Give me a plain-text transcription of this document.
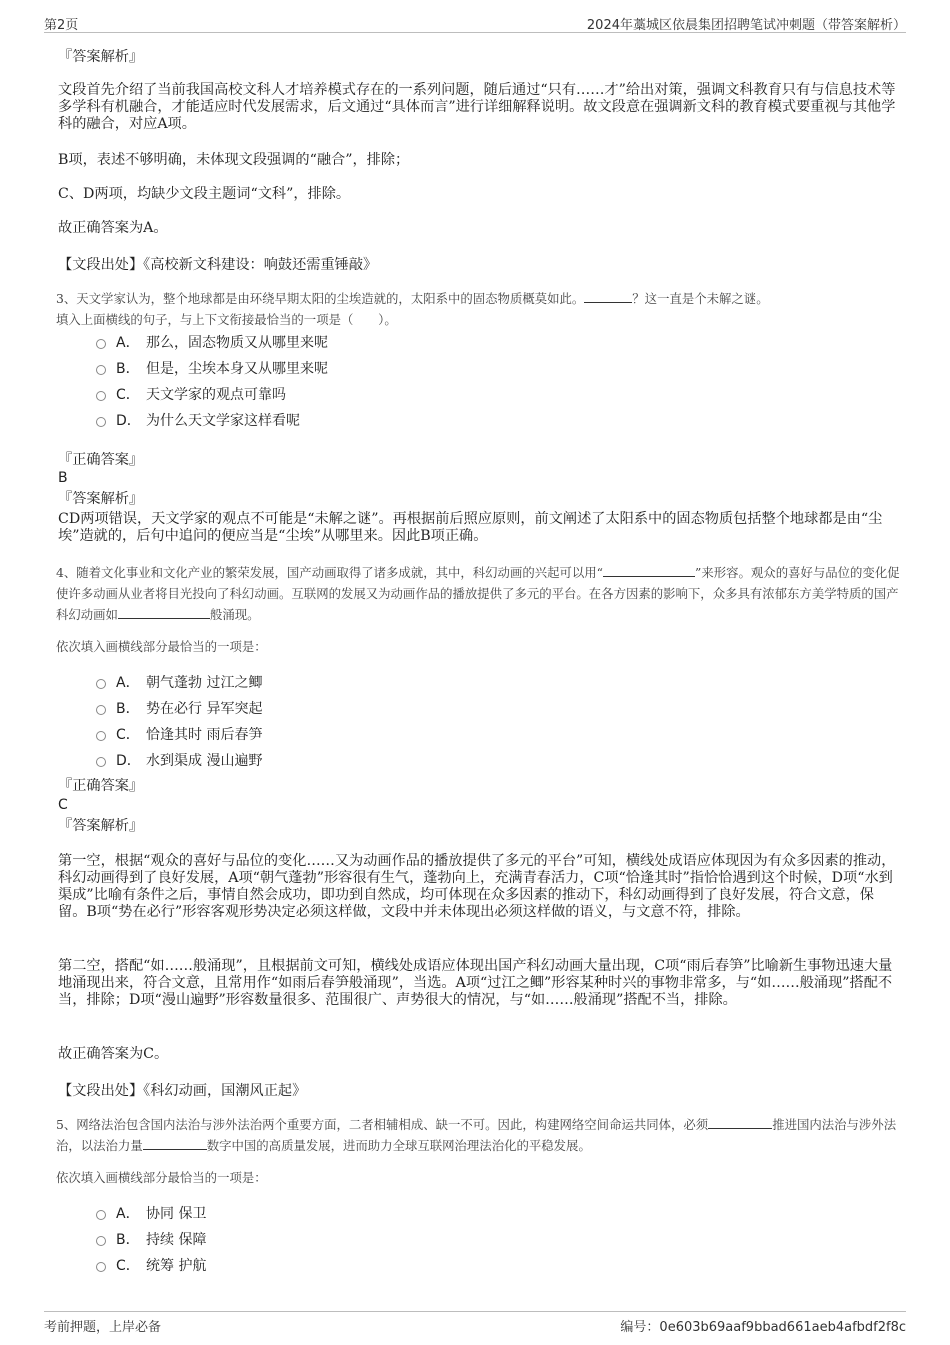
第2页	2024年藁城区依晨集团招聘笔试冲刺题（带答案解析）
『答案解析』
文段首先介绍了当前我国高校文科人才培养模式存在的一系列问题，随后通过“只有……才”给出对策，强调文科教育只有与信息技术等多学科有机融合，才能适应时代发展需求，后文通过“具体而言”进行详细解释说明。故文段意在强调新文科的教育模式要重视与其他学科的融合，对应A项。
B项，表述不够明确，未体现文段强调的“融合”，排除；
C、D两项，均缺少文段主题词“文科”，排除。
故正确答案为A。
【文段出处】《高校新文科建设：响鼓还需重锤敲》
3、天文学家认为，整个地球都是由环绕早期太阳的尘埃造就的，太阳系中的固态物质概莫如此。	？这一直是个未解之谜。
填入上面横线的句子，与上下文衔接最恰当的一项是（　　）。
A． 那么，固态物质又从哪里来呢
B． 但是，尘埃本身又从哪里来呢
C． 天文学家的观点可靠吗
D． 为什么天文学家这样看呢
『正确答案』
B
『答案解析』
CD两项错误，天文学家的观点不可能是“未解之谜”。再根据前后照应原则，前文阐述了太阳系中的固态物质包括整个地球都是由“尘埃”造就的，后句中追问的便应当是“尘埃”从哪里来。因此B项正确。
4、随着文化事业和文化产业的繁荣发展，国产动画取得了诸多成就，其中，科幻动画的兴起可以用“	”来形容。观众的喜好与品位的变化促使许多动画从业者将目光投向了科幻动画。互联网的发展又为动画作品的播放提供了多元的平台。在各方因素的影响下，众多具有浓郁东方美学特质的国产科幻动画如	般涌现。
依次填入画横线部分最恰当的一项是：
A． 朝气蓬勃 过江之鲫
B． 势在必行 异军突起
C． 恰逢其时 雨后春笋
D． 水到渠成 漫山遍野
『正确答案』
C
『答案解析』
第一空，根据“观众的喜好与品位的变化……又为动画作品的播放提供了多元的平台”可知，横线处成语应体现因为有众多因素的推动，科幻动画得到了良好发展，A项“朝气蓬勃”形容很有生气，蓬勃向上，充满青春活力，C项“恰逢其时”指恰恰遇到这个时候，D项“水到渠成”比喻有条件之后，事情自然会成功，即功到自然成，均可体现在众多因素的推动下，科幻动画得到了良好发展，符合文意，保留。B项“势在必行”形容客观形势决定必须这样做，文段中并未体现出必须这样做的语义，与文意不符，排除。
第二空，搭配“如……般涌现”，且根据前文可知，横线处成语应体现出国产科幻动画大量出现，C项“雨后春笋”比喻新生事物迅速大量地涌现出来，符合文意，且常用作“如雨后春笋般涌现”，当选。A项“过江之鲫”形容某种时兴的事物非常多，与“如……般涌现”搭配不当，排除；D项“漫山遍野”形容数量很多、范围很广、声势很大的情况，与“如……般涌现”搭配不当，排除。
故正确答案为C。
【文段出处】《科幻动画，国潮风正起》
5、网络法治包含国内法治与涉外法治两个重要方面，二者相辅相成、缺一不可。因此，构建网络空间命运共同体，必须	推进国内法治与涉外法治，以法治力量	数字中国的高质量发展，进而助力全球互联网治理法治化的平稳发展。
依次填入画横线部分最恰当的一项是：
A． 协同 保卫
B． 持续 保障
C． 统筹 护航
考前押题，上岸必备	编号：0e603b69aaf9bbad661aeb4afbdf2f8c
